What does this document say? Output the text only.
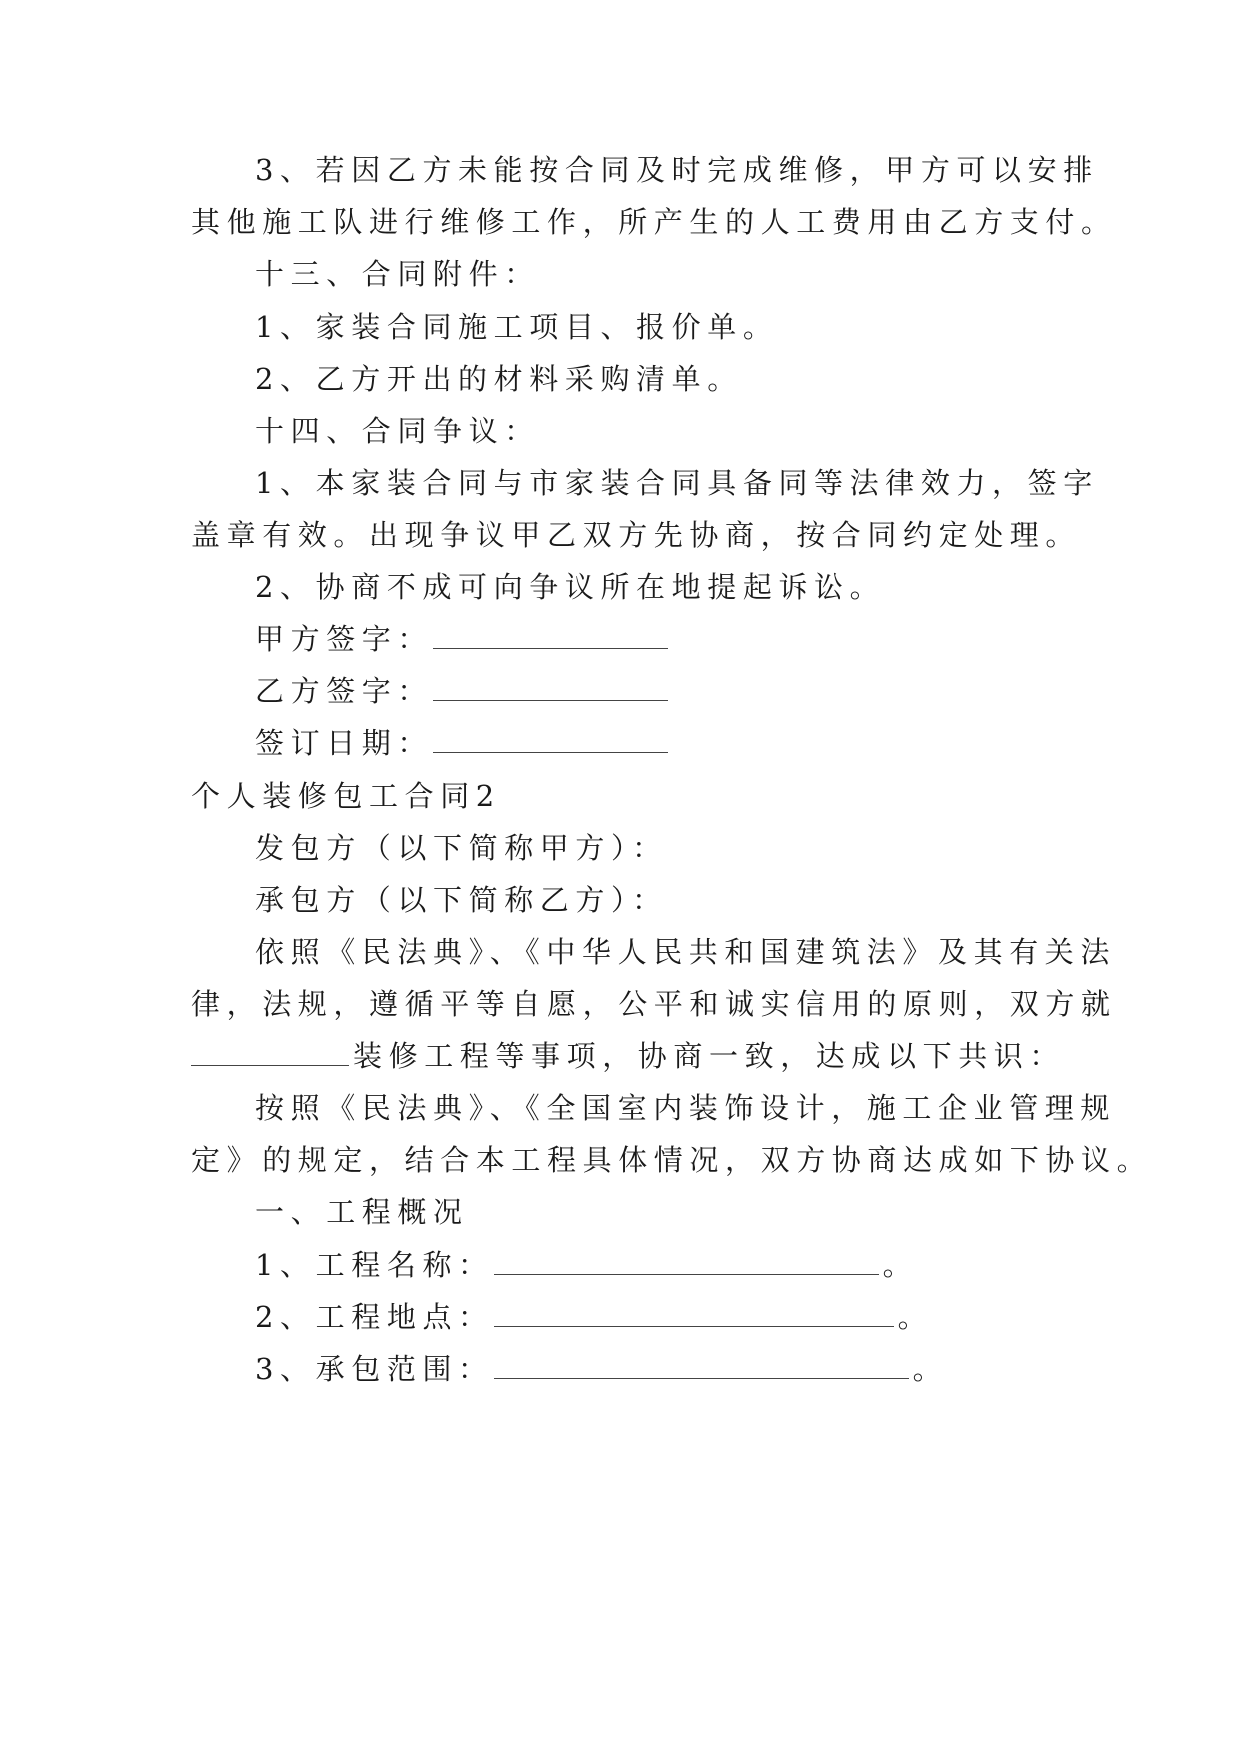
3、若因乙方未能按合同及时完成维修，甲方可以安排
其他施工队进行维修工作，所产生的人工费用由乙方支付。
十三、合同附件：
1、家装合同施工项目、报价单。
2、乙方开出的材料采购清单。
十四、合同争议：
1、本家装合同与市家装合同具备同等法律效力，签字
盖章有效。出现争议甲乙双方先协商，按合同约定处理。
2、协商不成可向争议所在地提起诉讼。
甲方签字：
乙方签字：
签订日期：
个人装修包工合同2
发包方（以下简称甲方）：
承包方（以下简称乙方）：
依照《民法典》、《中华人民共和国建筑法》及其有关法
律，法规，遵循平等自愿，公平和诚实信用的原则，双方就
装修工程等事项，协商一致，达成以下共识：
按照《民法典》、《全国室内装饰设计，施工企业管理规
定》的规定，结合本工程具体情况，双方协商达成如下协议。
一、工程概况
1、工程名称：	。
2、工程地点：	。
3、承包范围：	。
